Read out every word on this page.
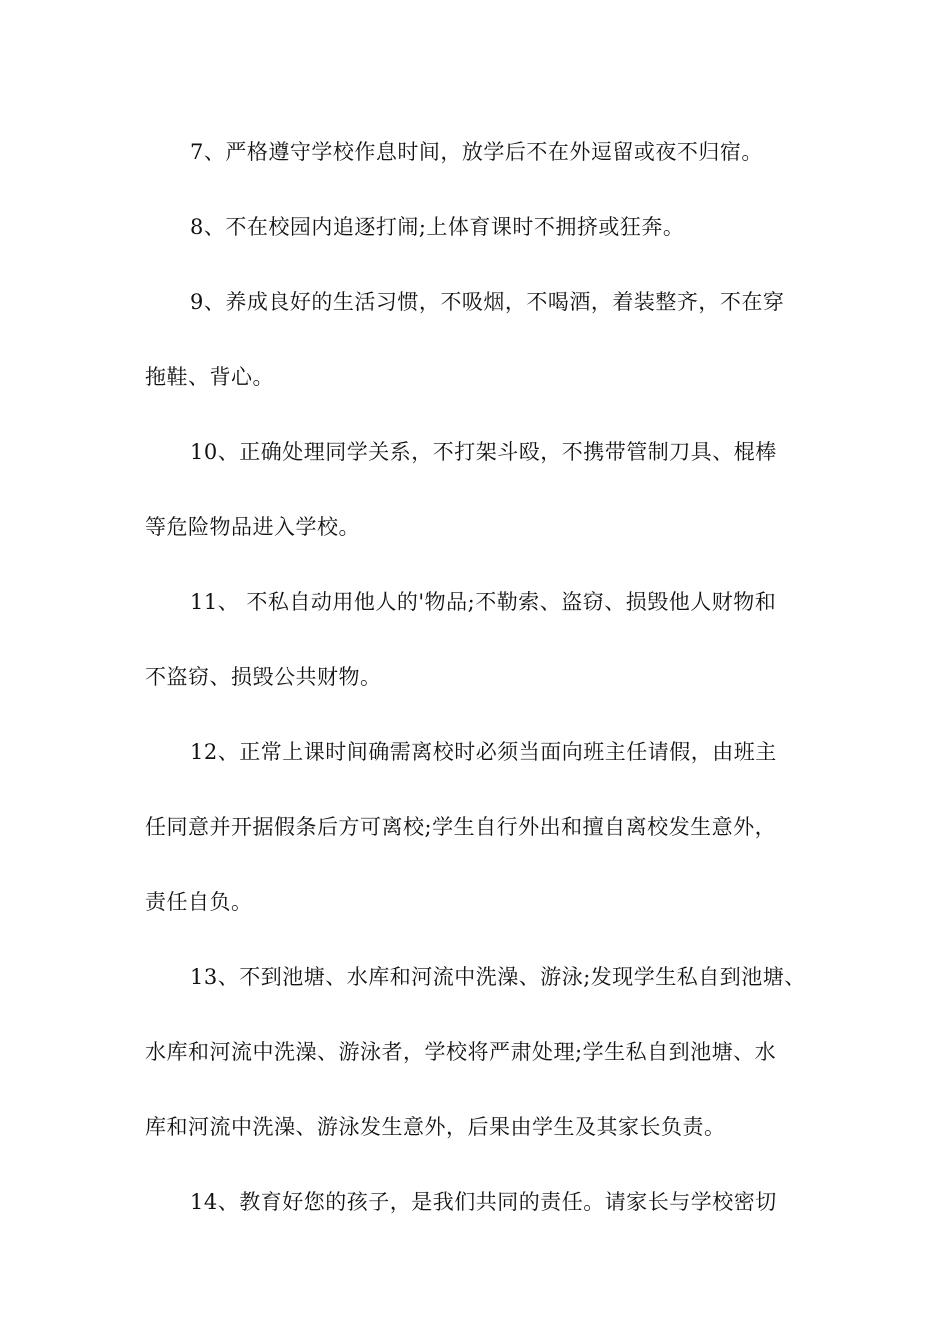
7、严格遵守学校作息时间，放学后不在外逗留或夜不归宿。
8、不在校园内追逐打闹;上体育课时不拥挤或狂奔。
9、养成良好的生活习惯，不吸烟，不喝酒，着装整齐，不在穿
拖鞋、背心。
10、正确处理同学关系，不打架斗殴，不携带管制刀具、棍棒
等危险物品进入学校。
11、 不私自动用他人的'物品;不勒索、盗窃、损毁他人财物和
不盗窃、损毁公共财物。
12、正常上课时间确需离校时必须当面向班主任请假，由班主
任同意并开据假条后方可离校;学生自行外出和擅自离校发生意外，
责任自负。
13、不到池塘、水库和河流中洗澡、游泳;发现学生私自到池塘、
水库和河流中洗澡、游泳者，学校将严肃处理;学生私自到池塘、水
库和河流中洗澡、游泳发生意外，后果由学生及其家长负责。
14、教育好您的孩子，是我们共同的责任。请家长与学校密切
